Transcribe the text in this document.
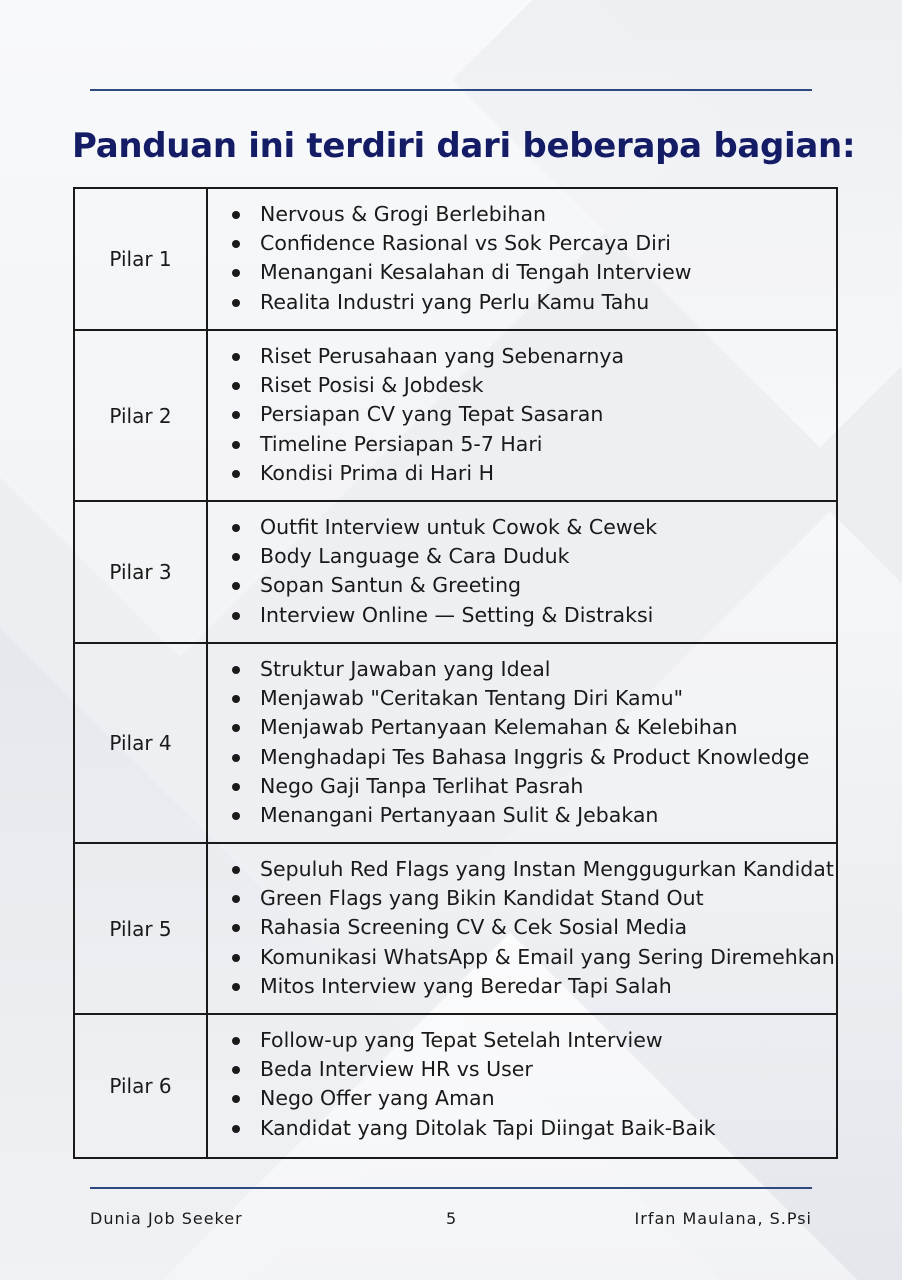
Panduan ini terdiri dari beberapa bagian:
Pilar 1
Nervous & Grogi Berlebihan
Confidence Rasional vs Sok Percaya Diri
Menangani Kesalahan di Tengah Interview
Realita Industri yang Perlu Kamu Tahu
Pilar 2
Riset Perusahaan yang Sebenarnya
Riset Posisi & Jobdesk
Persiapan CV yang Tepat Sasaran
Timeline Persiapan 5-7 Hari
Kondisi Prima di Hari H
Pilar 3
Outfit Interview untuk Cowok & Cewek
Body Language & Cara Duduk
Sopan Santun & Greeting
Interview Online — Setting & Distraksi
Pilar 4
Struktur Jawaban yang Ideal
Menjawab "Ceritakan Tentang Diri Kamu"
Menjawab Pertanyaan Kelemahan & Kelebihan
Menghadapi Tes Bahasa Inggris & Product Knowledge
Nego Gaji Tanpa Terlihat Pasrah
Menangani Pertanyaan Sulit & Jebakan
Pilar 5
Sepuluh Red Flags yang Instan Menggugurkan Kandidat
Green Flags yang Bikin Kandidat Stand Out
Rahasia Screening CV & Cek Sosial Media
Komunikasi WhatsApp & Email yang Sering Diremehkan
Mitos Interview yang Beredar Tapi Salah
Pilar 6
Follow-up yang Tepat Setelah Interview
Beda Interview HR vs User
Nego Offer yang Aman
Kandidat yang Ditolak Tapi Diingat Baik-Baik
Dunia Job Seeker	5	Irfan Maulana, S.Psi
